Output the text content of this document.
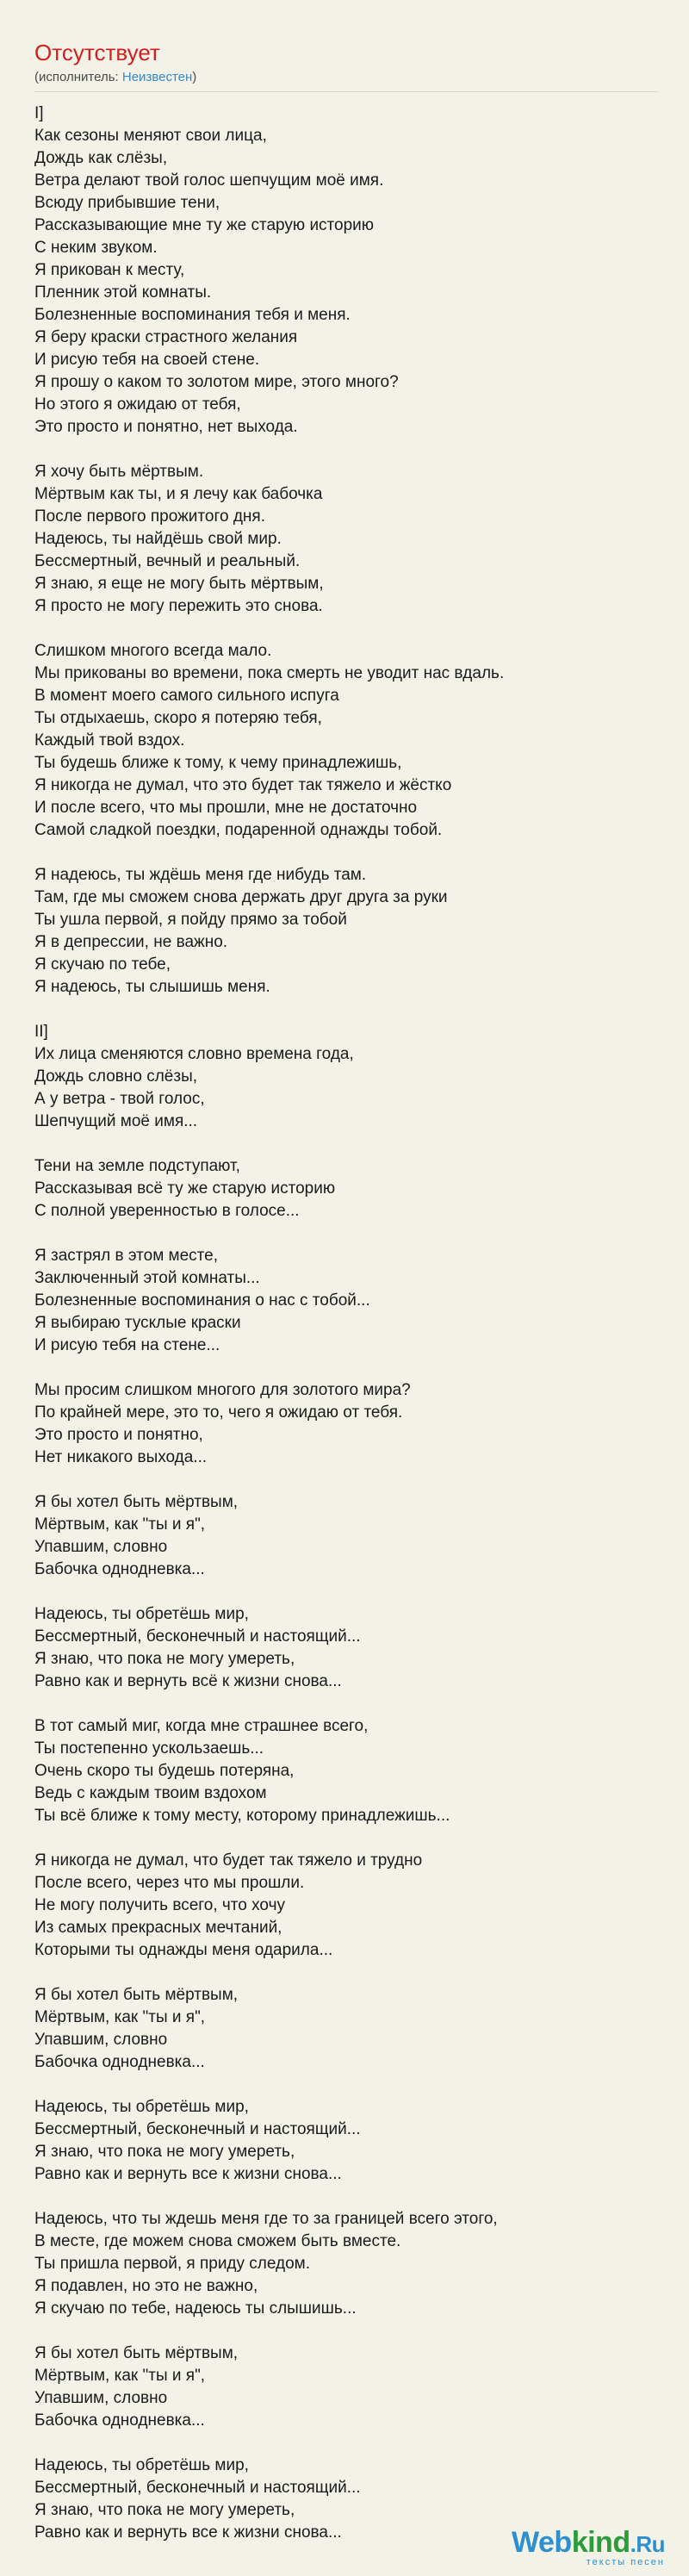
Отсутствует
(исполнитель: Неизвестен)
I]
Как сезоны меняют свои лица,
Дождь как слёзы,
Ветра делают твой голос шепчущим моё имя.
Всюду прибывшие тени,
Рассказывающие мне ту же старую историю
С неким звуком.
Я прикован к месту,
Пленник этой комнаты.
Болезненные воспоминания тебя и меня.
Я беру краски страстного желания
И рисую тебя на своей стене.
Я прошу о каком то золотом мире, этого много?
Но этого я ожидаю от тебя,
Это просто и понятно, нет выхода.
Я хочу быть мёртвым.
Мёртвым как ты, и я лечу как бабочка
После первого прожитого дня.
Надеюсь, ты найдёшь свой мир.
Бессмертный, вечный и реальный.
Я знаю, я еще не могу быть мёртвым,
Я просто не могу пережить это снова.
Слишком многого всегда мало.
Мы прикованы во времени, пока смерть не уводит нас вдаль.
В момент моего самого сильного испуга
Ты отдыхаешь, скоро я потеряю тебя,
Каждый твой вздох.
Ты будешь ближе к тому, к чему принадлежишь,
Я никогда не думал, что это будет так тяжело и жёстко
И после всего, что мы прошли, мне не достаточно
Самой сладкой поездки, подаренной однажды тобой.
Я надеюсь, ты ждёшь меня где нибудь там.
Там, где мы сможем снова держать друг друга за руки
Ты ушла первой, я пойду прямо за тобой
Я в депрессии, не важно.
Я скучаю по тебе,
Я надеюсь, ты слышишь меня.
II]
Их лица сменяются словно времена года,
Дождь словно слёзы,
А у ветра - твой голос,
Шепчущий моё имя...
Тени на земле подступают,
Рассказывая всё ту же старую историю
С полной уверенностью в голосе...
Я застрял в этом месте,
Заключенный этой комнаты...
Болезненные воспоминания о нас с тобой...
Я выбираю тусклые краски
И рисую тебя на стене...
Мы просим слишком многого для золотого мира?
По крайней мере, это то, чего я ожидаю от тебя.
Это просто и понятно,
Нет никакого выхода...
Я бы хотел быть мёртвым,
Мёртвым, как "ты и я",
Упавшим, словно
Бабочка однодневка...
Надеюсь, ты обретёшь мир,
Бессмертный, бесконечный и настоящий...
Я знаю, что пока не могу умереть,
Равно как и вернуть всё к жизни снова...
В тот самый миг, когда мне страшнее всего,
Ты постепенно ускользаешь...
Очень скоро ты будешь потеряна,
Ведь с каждым твоим вздохом
Ты всё ближе к тому месту, которому принадлежишь...
Я никогда не думал, что будет так тяжело и трудно
После всего, через что мы прошли.
Не могу получить всего, что хочу
Из самых прекрасных мечтаний,
Которыми ты однажды меня одарила...
Я бы хотел быть мёртвым,
Мёртвым, как "ты и я",
Упавшим, словно
Бабочка однодневка...
Надеюсь, ты обретёшь мир,
Бессмертный, бесконечный и настоящий...
Я знаю, что пока не могу умереть,
Равно как и вернуть все к жизни снова...
Надеюсь, что ты ждешь меня где то за границей всего этого,
В месте, где можем снова сможем быть вместе.
Ты пришла первой, я приду следом.
Я подавлен, но это не важно,
Я скучаю по тебе, надеюсь ты слышишь...
Я бы хотел быть мёртвым,
Мёртвым, как "ты и я",
Упавшим, словно
Бабочка однодневка...
Надеюсь, ты обретёшь мир,
Бессмертный, бесконечный и настоящий...
Я знаю, что пока не могу умереть,
Равно как и вернуть все к жизни снова...	Webkind.Ru
тексты песен
